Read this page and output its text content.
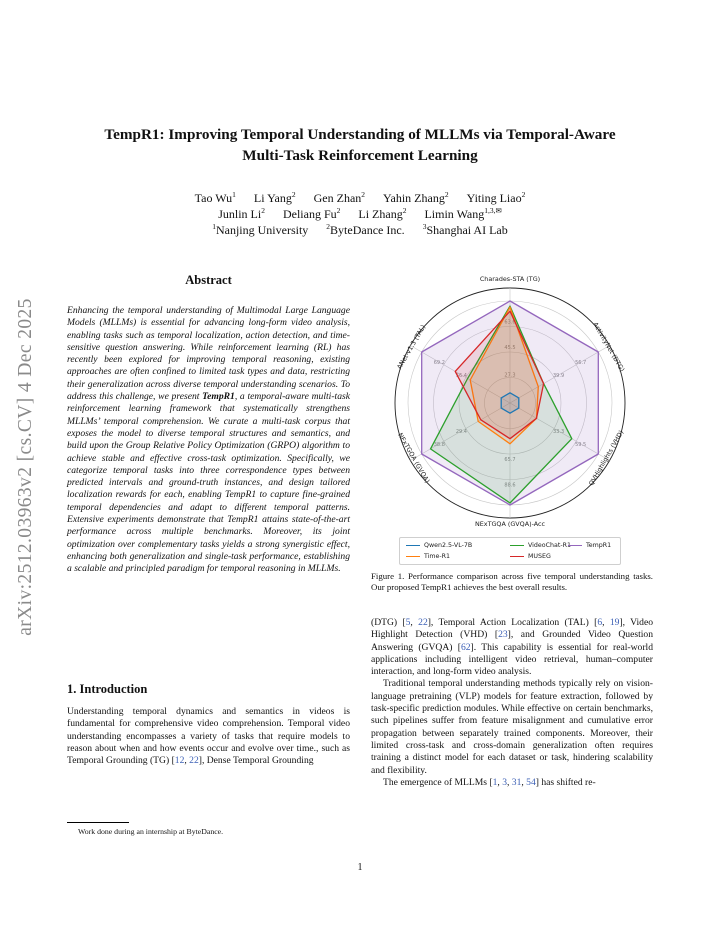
TempR1: Improving Temporal Understanding of MLLMs via Temporal-Aware
Multi-Task Reinforcement Learning
Tao Wu$^1$ Li Yang$^2$ Gen Zhan$^2$ Yahin Zhang$^2$ Yiting Liao$^2$
Junlin Li$^2$ Deliang Fu$^2$ Li Zhang$^2$ Limin Wang$^{1,3,✉}$
$^1$Nanjing University $^2$ByteDance Inc. $^3$Shanghai AI Lab
arXiv:2512.03963v2 [cs.CV] 4 Dec 2025
Abstract
Enhancing the temporal understanding of Multimodal Large Language Models (MLLMs) is essential for advancing long-form video analysis, enabling tasks such as temporal localization, action detection, and time-sensitive question answering. While reinforcement learning (RL) has recently been explored for improving temporal reasoning, existing approaches are often confined to limited task types and data, restricting their generalization across diverse temporal understanding scenarios. To address this challenge, we present TempR1, a temporal-aware multi-task reinforcement learning framework that systematically strengthens MLLMs’ temporal comprehension. We curate a multi-task corpus that exposes the model to diverse temporal structures and semantics, and build upon the Group Relative Policy Optimization (GRPO) algorithm to achieve stable and effective cross-task optimization. Specifically, we categorize temporal tasks into three correspondence types between predicted intervals and ground-truth instances, and design tailored localization rewards for each, enabling TempR1 to capture fine-grained temporal dependencies and adapt to different temporal patterns. Extensive experiments demonstrate that TempR1 attains state-of-the-art performance across multiple benchmarks. Moreover, its joint optimization over complementary tasks yields a strong synergistic effect, enhancing both generalization and single-task performance, establishing a scalable and principled paradigm for temporal reasoning in MLLMs.
1. Introduction
Understanding temporal dynamics and semantics in videos is fundamental for comprehensive video comprehension. Temporal video understanding encompasses a variety of tasks that require models to reason about when and how events occur and evolve over time., such as Temporal Grounding (TG) [12, 22], Dense Temporal Grounding
Work done during an internship at ByteDance.
63.6
45.5
27.3
56.7
39.9
59.5
33.3
88.6
65.7
38.8
29.4
69.2
56.4
Charades-STA (TG)
ActivityNet (DTG)
QVHighlights (VHD)
NExTGQA (GVQA)-Acc
NExTGQA (GVQA)
ANet-v1.3 (TAL)
Qwen2.5-VL-7B	VideoChat-R1 TempR1
Time-R1	MUSEG
Figure 1. Performance comparison across five temporal understanding tasks. Our proposed TempR1 achieves the best overall results.

(DTG) [5, 22], Temporal Action Localization (TAL) [6, 19], Video Highlight Detection (VHD) [23], and Grounded Video Question Answering (GVQA) [62]. This capability is essential for real-world applications including intelligent video retrieval, human–computer interaction, and long-form video analysis.

Traditional temporal understanding methods typically rely on vision-language pretraining (VLP) models for feature extraction, followed by task-specific prediction modules. While effective on certain benchmarks, such pipelines suffer from feature misalignment and cumulative error propagation between separately trained components. Moreover, their limited cross-task and cross-domain generalization often requires training a distinct model for each dataset or task, hindering scalability and flexibility.

The emergence of MLLMs [1, 3, 31, 54] has shifted re-

1
